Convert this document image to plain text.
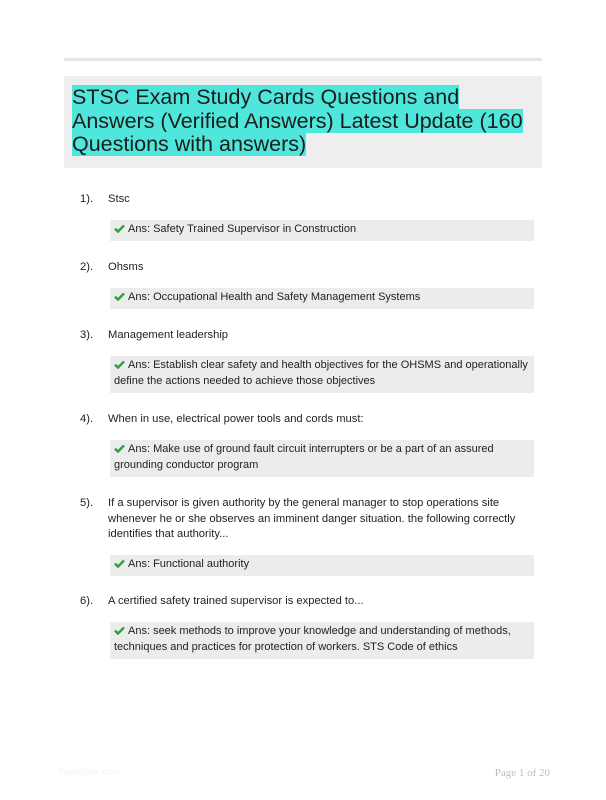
STSC Exam Study Cards Questions and Answers (Verified Answers) Latest Update (160 Questions with answers)
1).	Stsc
Ans: Safety Trained Supervisor in Construction
2).	Ohsms
Ans: Occupational Health and Safety Management Systems
3).	Management leadership
Ans: Establish clear safety and health objectives for the OHSMS and operationally define the actions needed to achieve those objectives
4).	When in use, electrical power tools and cords must:
Ans: Make use of ground fault circuit interrupters or be a part of an assured grounding conductor program
5).	If a supervisor is given authority by the general manager to stop operations site whenever he or she observes an imminent danger situation. the following correctly identifies that authority...
Ans: Functional authority
6).	A certified safety trained supervisor is expected to...
Ans: seek methods to improve your knowledge and understanding of methods, techniques and practices for protection of workers. STS Code of ethics
PaperStric.com	Page 1 of 20
